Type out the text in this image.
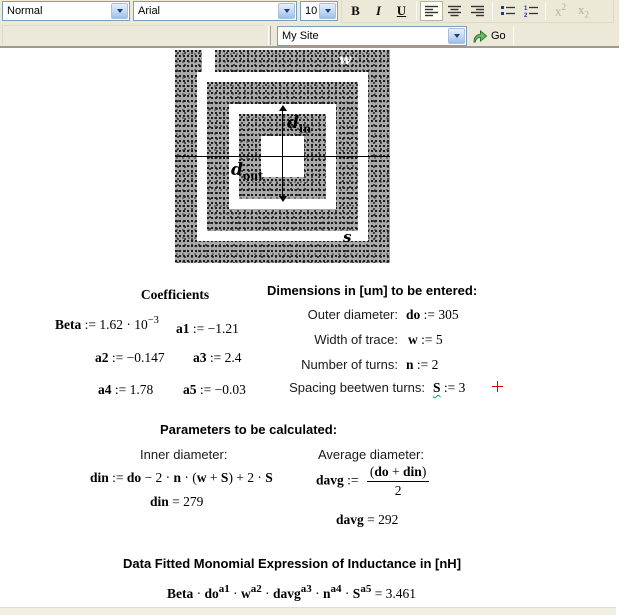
Normal	Arial	10	B I U	1
2 $x^2$ $x_2$
My Site	Go
$d_{in}$
$d_{out}$
w
s
Coefficients
Beta := $1.62 \cdot 10^{-3}$
a1 := −1.21
a2 := −0.147 a3 := 2.4
a4 := 1.78 a5 := −0.03
Dimensions in [um] to be entered:
Outer diameter: do := 305
Width of trace: w := 5
Number of turns: n := 2
Spacing beetwen turns: S := 3
Parameters to be calculated:
Inner diameter:	Average diameter:
din := do − 2 · n · (w + S) + 2 · S
din = 279
davg := $\frac{\text{(do + din)}}{2}$
davg = 292
Data Fitted Monomial Expression of Inductance in [nH]
Beta · $do^{a1} \cdot w^{a2}$ · davg$^{a3}$ · $n^{a4} \cdot S^{a5} = 3.461$
